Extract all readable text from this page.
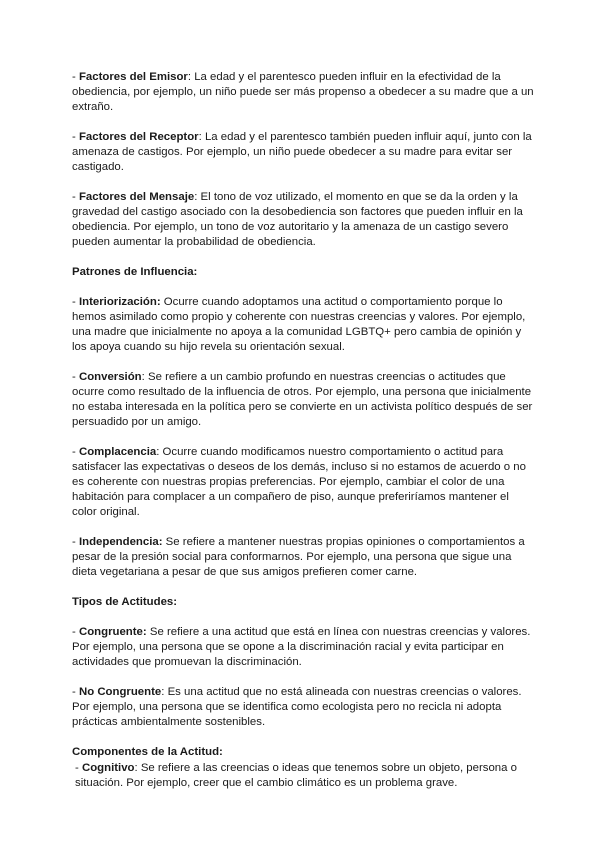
- Factores del Emisor: La edad y el parentesco pueden influir en la efectividad de la obediencia, por ejemplo, un niño puede ser más propenso a obedecer a su madre que a un extraño.

- Factores del Receptor: La edad y el parentesco también pueden influir aquí, junto con la amenaza de castigos. Por ejemplo, un niño puede obedecer a su madre para evitar ser castigado.

- Factores del Mensaje: El tono de voz utilizado, el momento en que se da la orden y la gravedad del castigo asociado con la desobediencia son factores que pueden influir en la obediencia. Por ejemplo, un tono de voz autoritario y la amenaza de un castigo severo pueden aumentar la probabilidad de obediencia.

Patrones de Influencia:

- Interiorización: Ocurre cuando adoptamos una actitud o comportamiento porque lo hemos asimilado como propio y coherente con nuestras creencias y valores. Por ejemplo, una madre que inicialmente no apoya a la comunidad LGBTQ+ pero cambia de opinión y los apoya cuando su hijo revela su orientación sexual.

- Conversión: Se refiere a un cambio profundo en nuestras creencias o actitudes que ocurre como resultado de la influencia de otros. Por ejemplo, una persona que inicialmente no estaba interesada en la política pero se convierte en un activista político después de ser persuadido por un amigo.

- Complacencia: Ocurre cuando modificamos nuestro comportamiento o actitud para satisfacer las expectativas o deseos de los demás, incluso si no estamos de acuerdo o no es coherente con nuestras propias preferencias. Por ejemplo, cambiar el color de una habitación para complacer a un compañero de piso, aunque preferiríamos mantener el color original.

- Independencia: Se refiere a mantener nuestras propias opiniones o comportamientos a pesar de la presión social para conformarnos. Por ejemplo, una persona que sigue una dieta vegetariana a pesar de que sus amigos prefieren comer carne.

Tipos de Actitudes:

- Congruente: Se refiere a una actitud que está en línea con nuestras creencias y valores. Por ejemplo, una persona que se opone a la discriminación racial y evita participar en actividades que promuevan la discriminación.

- No Congruente: Es una actitud que no está alineada con nuestras creencias o valores. Por ejemplo, una persona que se identifica como ecologista pero no recicla ni adopta prácticas ambientalmente sostenibles.

Componentes de la Actitud:

- Cognitivo: Se refiere a las creencias o ideas que tenemos sobre un objeto, persona o situación. Por ejemplo, creer que el cambio climático es un problema grave.
